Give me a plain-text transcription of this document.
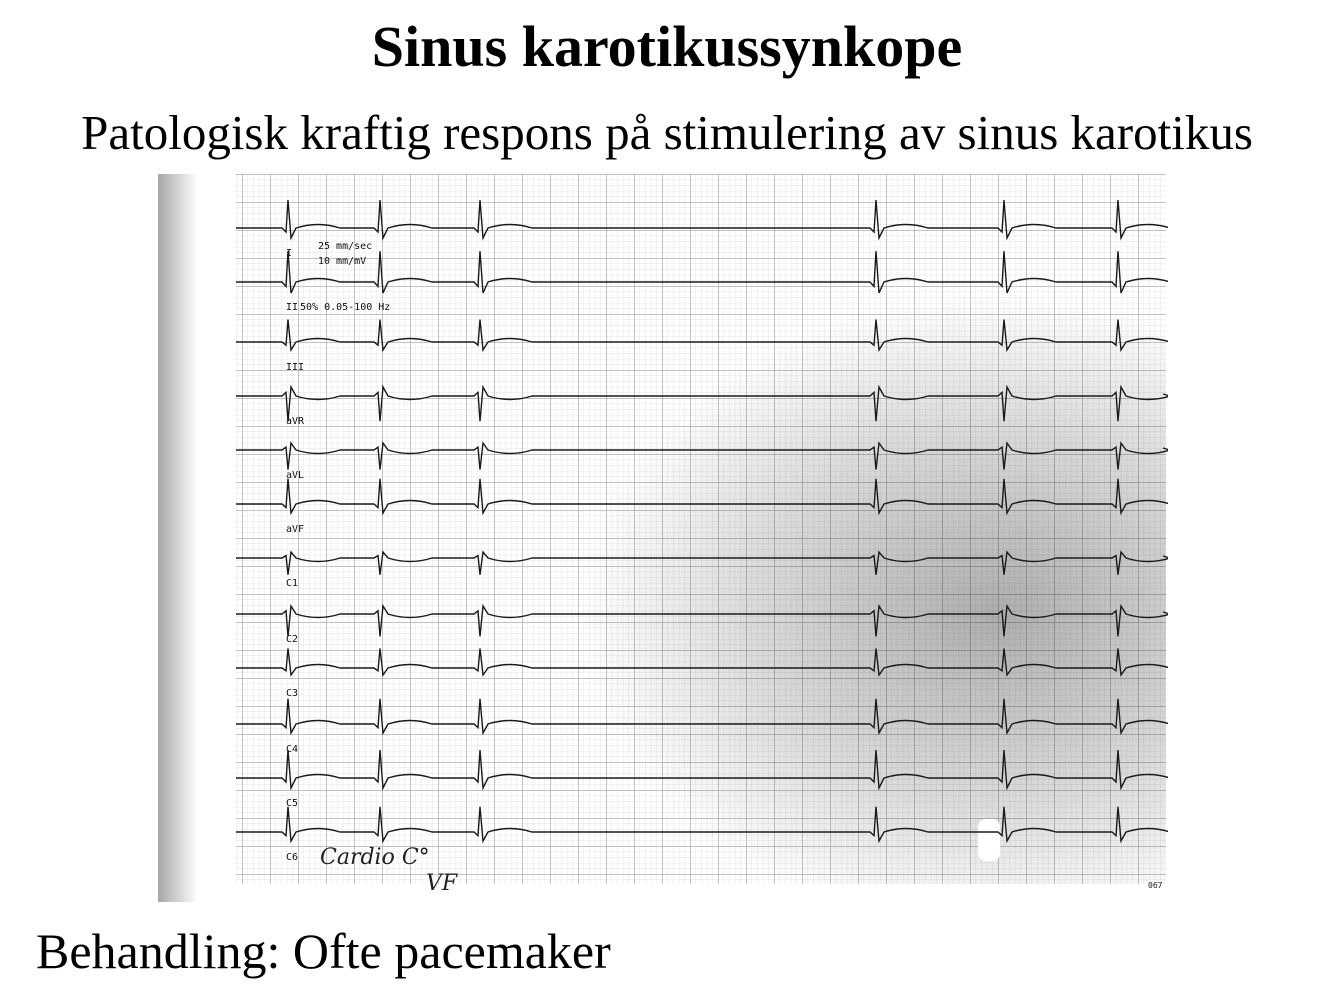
Sinus karotikussynkope

Patologisk kraftig respons på stimulering av sinus karotikus

I
II
III
aVR
aVL
aVF
C1
C2
C3
C4
C5
C6
25 mm/sec
10 mm/mV
50% 0.05-100 Hz
Cardio C°
VF	067

Behandling: Ofte pacemaker
